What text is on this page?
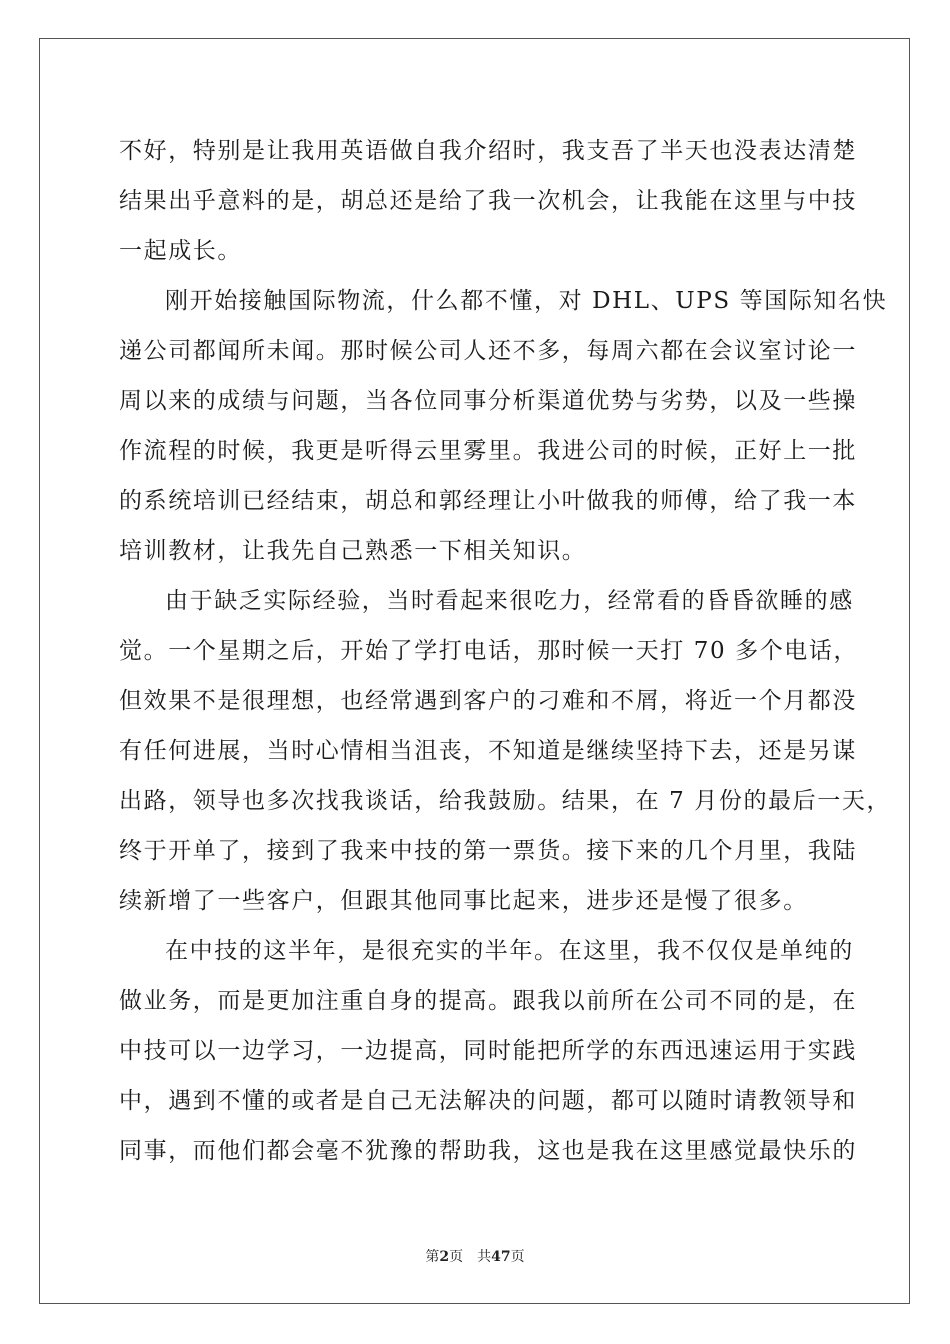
不好，特别是让我用英语做自我介绍时，我支吾了半天也没表达清楚
结果出乎意料的是，胡总还是给了我一次机会，让我能在这里与中技
一起成长。
刚开始接触国际物流，什么都不懂，对 DHL、UPS 等国际知名快
递公司都闻所未闻。那时候公司人还不多，每周六都在会议室讨论一
周以来的成绩与问题，当各位同事分析渠道优势与劣势，以及一些操
作流程的时候，我更是听得云里雾里。我进公司的时候，正好上一批
的系统培训已经结束，胡总和郭经理让小叶做我的师傅，给了我一本
培训教材，让我先自己熟悉一下相关知识。
由于缺乏实际经验，当时看起来很吃力，经常看的昏昏欲睡的感
觉。一个星期之后，开始了学打电话，那时候一天打 70 多个电话，
但效果不是很理想，也经常遇到客户的刁难和不屑，将近一个月都没
有任何进展，当时心情相当沮丧，不知道是继续坚持下去，还是另谋
出路，领导也多次找我谈话，给我鼓励。结果，在 7 月份的最后一天，
终于开单了，接到了我来中技的第一票货。接下来的几个月里，我陆
续新增了一些客户，但跟其他同事比起来，进步还是慢了很多。
在中技的这半年，是很充实的半年。在这里，我不仅仅是单纯的
做业务，而是更加注重自身的提高。跟我以前所在公司不同的是，在
中技可以一边学习，一边提高，同时能把所学的东西迅速运用于实践
中，遇到不懂的或者是自己无法解决的问题，都可以随时请教领导和
同事，而他们都会毫不犹豫的帮助我，这也是我在这里感觉最快乐的
第2页 共47页
